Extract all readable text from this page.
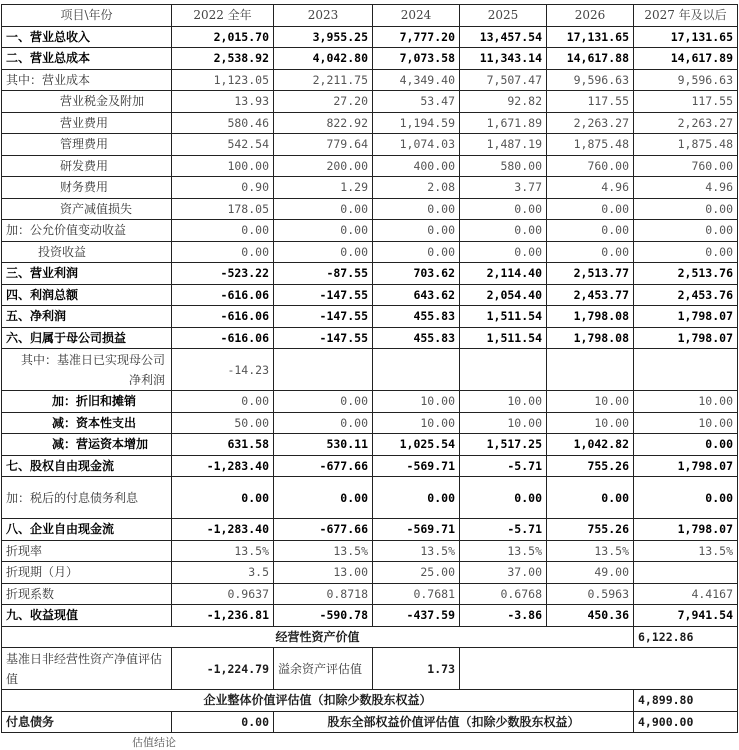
项目\年份	2022 全年	2023	2024	2025	2026	2027 年及以后
一、营业总收入	2,015.70	3,955.25	7,777.20	13,457.54	17,131.65	17,131.65
二、营业总成本	2,538.92	4,042.80	7,073.58	11,343.14	14,617.88	14,617.89
其中：营业成本	1,123.05	2,211.75	4,349.40	7,507.47	9,596.63	9,596.63
营业税金及附加	13.93	27.20	53.47	92.82	117.55	117.55
营业费用	580.46	822.92	1,194.59	1,671.89	2,263.27	2,263.27
管理费用	542.54	779.64	1,074.03	1,487.19	1,875.48	1,875.48
研发费用	100.00	200.00	400.00	580.00	760.00	760.00
财务费用	0.90	1.29	2.08	3.77	4.96	4.96
资产减值损失	178.05	0.00	0.00	0.00	0.00	0.00
加：公允价值变动收益	0.00	0.00	0.00	0.00	0.00	0.00
投资收益	0.00	0.00	0.00	0.00	0.00	0.00
三、营业利润	-523.22	-87.55	703.62	2,114.40	2,513.77	2,513.76
四、利润总额	-616.06	-147.55	643.62	2,054.40	2,453.77	2,453.76
五、净利润	-616.06	-147.55	455.83	1,511.54	1,798.08	1,798.07
六、归属于母公司损益	-616.06	-147.55	455.83	1,511.54	1,798.08	1,798.07
其中：基准日已实现母公司净利润	-14.23					
加：折旧和摊销	0.00	0.00	10.00	10.00	10.00	10.00
减：资本性支出	50.00	0.00	10.00	10.00	10.00	10.00
减：营运资本增加	631.58	530.11	1,025.54	1,517.25	1,042.82	0.00
七、股权自由现金流	-1,283.40	-677.66	-569.71	-5.71	755.26	1,798.07
加：税后的付息债务利息	0.00	0.00	0.00	0.00	0.00	0.00
八、企业自由现金流	-1,283.40	-677.66	-569.71	-5.71	755.26	1,798.07
折现率	13.5%	13.5%	13.5%	13.5%	13.5%	13.5%
折现期（月）	3.5	13.00	25.00	37.00	49.00	
折现系数	0.9637	0.8718	0.7681	0.6768	0.5963	4.4167
九、收益现值	-1,236.81	-590.78	-437.59	-3.86	450.36	7,941.54
经营性资产价值						6,122.86
基准日非经营性资产净值评估值	-1,224.79	溢余资产评估值	1.73			
企业整体价值评估值（扣除少数股东权益）						4,899.80
付息债务	0.00	股东全部权益价值评估值（扣除少数股东权益）				4,900.00
估值结论
